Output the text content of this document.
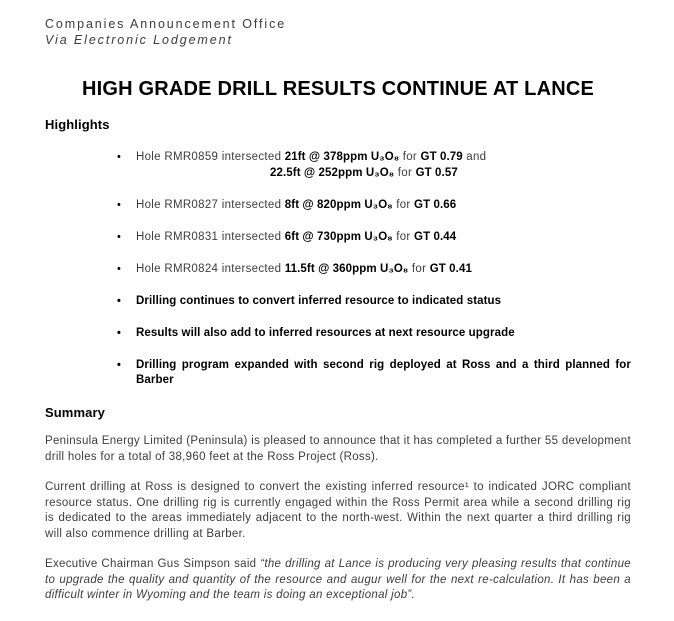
Companies Announcement Office
Via Electronic Lodgement
HIGH GRADE DRILL RESULTS CONTINUE AT LANCE
Highlights
• Hole RMR0859 intersected 21ft @ 378ppm U₃O₈ for GT 0.79 and
22.5ft @ 252ppm U₃O₈ for GT 0.57
• Hole RMR0827 intersected 8ft @ 820ppm U₃O₈ for GT 0.66
• Hole RMR0831 intersected 6ft @ 730ppm U₃O₈ for GT 0.44
• Hole RMR0824 intersected 11.5ft @ 360ppm U₃O₈ for GT 0.41
• Drilling continues to convert inferred resource to indicated status
• Results will also add to inferred resources at next resource upgrade
• Drilling program expanded with second rig deployed at Ross and a third planned for Barber
Summary

Peninsula Energy Limited (Peninsula) is pleased to announce that it has completed a further 55 development drill holes for a total of 38,960 feet at the Ross Project (Ross).

Current drilling at Ross is designed to convert the existing inferred resource¹ to indicated JORC compliant resource status. One drilling rig is currently engaged within the Ross Permit area while a second drilling rig is dedicated to the areas immediately adjacent to the north-west. Within the next quarter a third drilling rig will also commence drilling at Barber.

Executive Chairman Gus Simpson said “the drilling at Lance is producing very pleasing results that continue to upgrade the quality and quantity of the resource and augur well for the next re-calculation. It has been a difficult winter in Wyoming and the team is doing an exceptional job”.
